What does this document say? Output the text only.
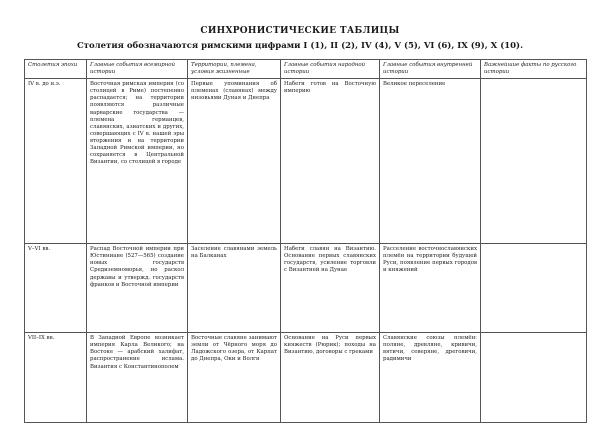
СИНХРОНИСТИЧЕСКИЕ ТАБЛИЦЫ
Столетия обозначаются римскими цифрами I (1), II (2), IV (4), V (5), VI (6), IX (9), X (10).
Столетия эпохи	Главные события всемирной истории	Территории, племена, условия жизненные	Главные события народной истории	Главные события внутренней истории	Важнейшие факты по русского истории
IV в. до н.э.	Восточная римская империя (со столицей в Риме) постепенно распадается; на территории появляются различные варварские государства — племена германцев, славянских, азиатских и других, совершающих с IV в. нашей эры вторжения и на территории Западной Римской империи, но сохраняется в Центральной Византии, со столицей в городе	Первые упоминания об племенах (славянах) между низовьями Дуная и Днепра	Набеги готов на Восточную империю	Великое переселение	

V–VI вв.	Распад Восточной империи при Юстиниане (527—565) создание новых государств Средиземноморья, но раскол державы и утвержд. государств франков и Восточной империи	Заселение славянами земель на Балканах	Набеги славян на Византию. Основание первых славянских государств, усиление торговли с Византией на Дунае	Расселение восточнославянских племён на территории будущей Руси, появление первых городов и княжений	

VII–IX вв.	В Западной Европе возникает империя Карла Великого; на Востоке — арабский халифат, распространение ислама. Византия с Константинополем	Восточные славяне занимают земли от Чёрного моря до Ладожского озера, от Карпат до Днепра, Оки и Волги	Основание на Руси первых княжеств (Рюрик); походы на Византию, договоры с греками	Славянские союзы племён: поляне, древляне, кривичи, вятичи, северяне, дреговичи, радимичи	
